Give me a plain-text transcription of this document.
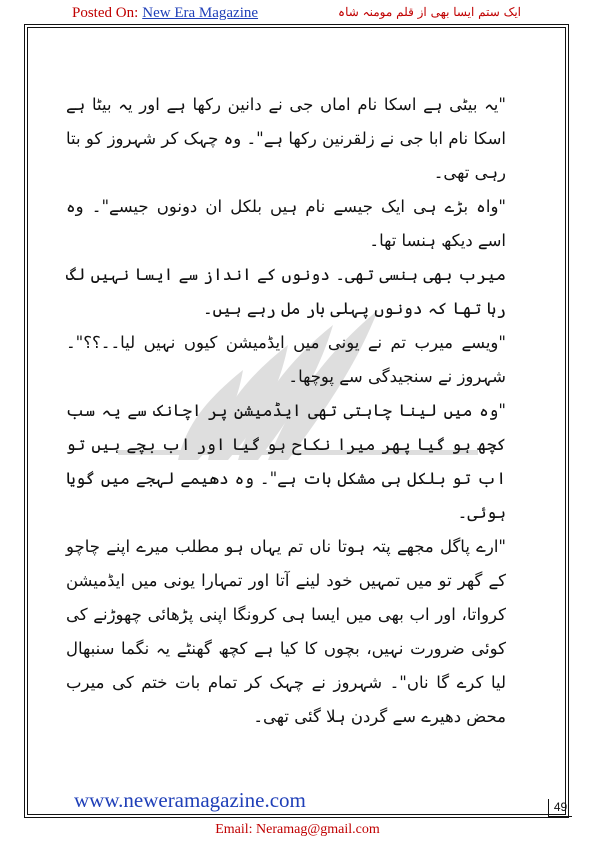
Posted On: New Era Magazine	ایک ستم ایسا بھی از قلم مومنہ شاہ

"یہ بیٹی ہے اسکا نام اماں جی نے دانین رکھا ہے اور یہ بیٹا ہے اسکا نام ابا جی نے زلقرنین رکھا ہے"۔ وہ چہک کر شہروز کو بتا رہی تھی۔

"واہ بڑے ہی ایک جیسے نام ہیں بلکل ان دونوں جیسے"۔ وہ اسے دیکھ ہنسا تھا۔

میرب بھی ہنسی تھی۔ دونوں کے انداز سے ایسا نہیں لگ رہا تھا کہ دونوں پہلی بار مل رہے ہیں۔

"ویسے میرب تم نے یونی میں ایڈمیشن کیوں نہیں لیا۔۔؟؟"۔ شہروز نے سنجیدگی سے پوچھا۔

"وہ میں لینا چاہتی تھی ایڈمیشن پر اچانک سے یہ سب کچھ ہو گیا پھر میرا نکاح ہو گیا اور اب بچے ہیں تو اب تو بلکل ہی مشکل بات ہے"۔ وہ دھیمے لہجے میں گویا ہوئی۔

"ارے پاگل مجھے پتہ ہوتا ناں تم یہاں ہو مطلب میرے اپنے چاچو کے گھر تو میں تمہیں خود لینے آتا اور تمہارا یونی میں ایڈمیشن کرواتا، اور اب بھی میں ایسا ہی کرونگا اپنی پڑھائی چھوڑنے کی کوئی ضرورت نہیں، بچوں کا کیا ہے کچھ گھنٹے یہ نگما سنبھال لیا کرے گا ناں"۔ شہروز نے چہک کر تمام بات ختم کی میرب محض دھیرے سے گردن ہلا گئی تھی۔

www.neweramagazine.com	49
Email: Neramag@gmail.com
